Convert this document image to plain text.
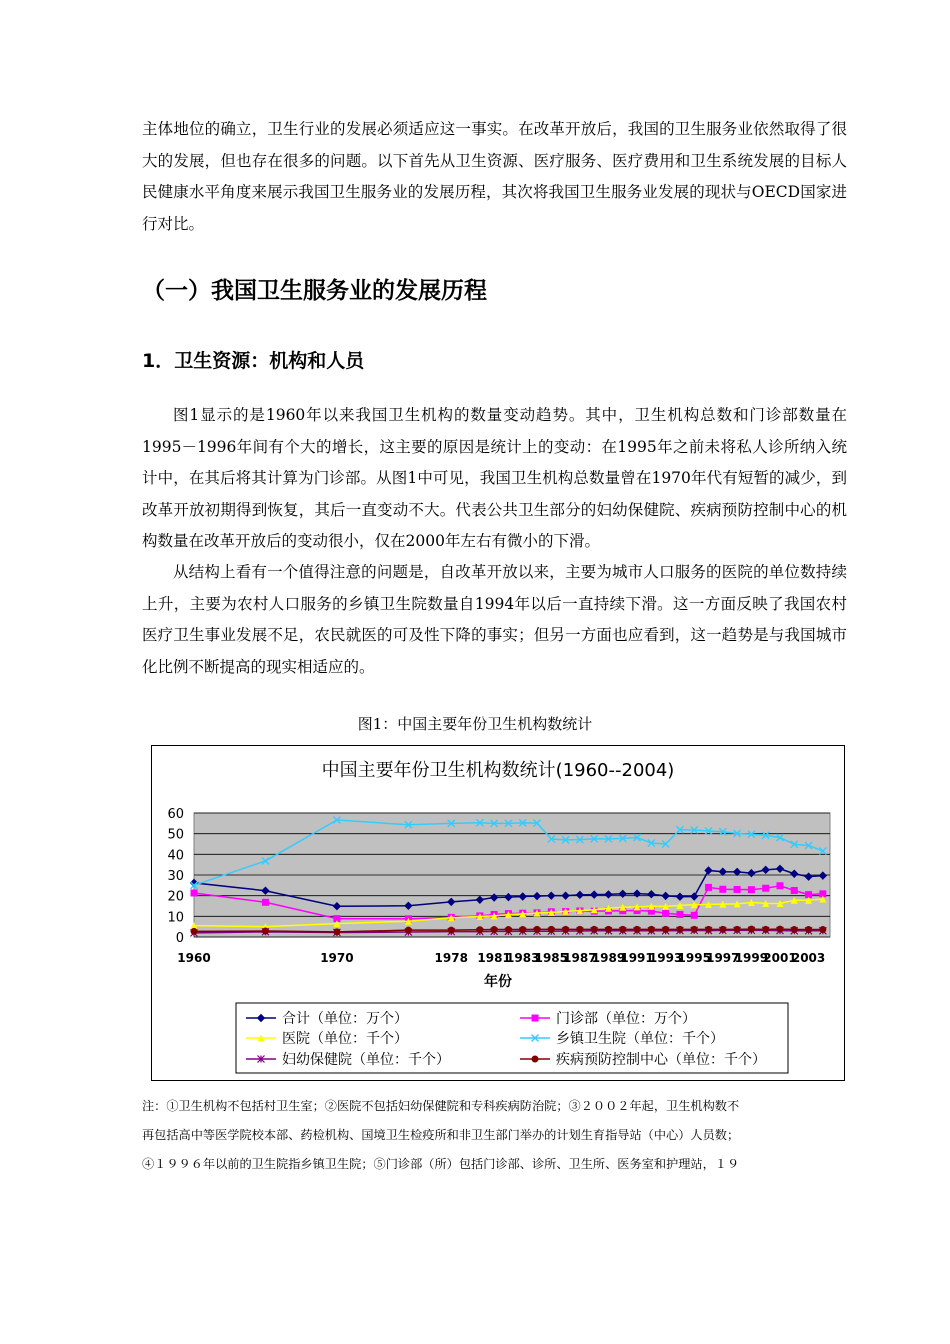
主体地位的确立，卫生行业的发展必须适应这一事实。在改革开放后，我国的卫生服务业依然取得了很大的发展，但也存在很多的问题。以下首先从卫生资源、医疗服务、医疗费用和卫生系统发展的目标人民健康水平角度来展示我国卫生服务业的发展历程，其次将我国卫生服务业发展的现状与OECD国家进行对比。

（一）我国卫生服务业的发展历程
1．卫生资源：机构和人员

图1显示的是1960年以来我国卫生机构的数量变动趋势。其中，卫生机构总数和门诊部数量在1995－1996年间有个大的增长，这主要的原因是统计上的变动：在1995年之前未将私人诊所纳入统计中，在其后将其计算为门诊部。从图1中可见，我国卫生机构总数量曾在1970年代有短暂的减少，到改革开放初期得到恢复，其后一直变动不大。代表公共卫生部分的妇幼保健院、疾病预防控制中心的机构数量在改革开放后的变动很小，仅在2000年左右有微小的下滑。

从结构上看有一个值得注意的问题是，自改革开放以来，主要为城市人口服务的医院的单位数持续上升，主要为农村人口服务的乡镇卫生院数量自1994年以后一直持续下滑。这一方面反映了我国农村医疗卫生事业发展不足，农民就医的可及性下降的事实；但另一方面也应看到，这一趋势是与我国城市化比例不断提高的现实相适应的。

图1：中国主要年份卫生机构数统计
中国主要年份卫生机构数统计(1960--2004)
0
10
20
30
40
50
60
1960	1970	1978 1981
1983
1985
1987
1989
1991
1993
1995
1997
1999
2001
2003
年份
合计（单位：万个）	门诊部（单位：万个）
医院（单位：千个）	乡镇卫生院（单位：千个）
妇幼保健院（单位：千个）	疾病预防控制中心（单位：千个）

注：①卫生机构不包括村卫生室；②医院不包括妇幼保健院和专科疾病防治院；③２００２年起，卫生机构数不

再包括高中等医学院校本部、药检机构、国境卫生检疫所和非卫生部门举办的计划生育指导站（中心）人员数；

④１９９６年以前的卫生院指乡镇卫生院；⑤门诊部（所）包括门诊部、诊所、卫生所、医务室和护理站，１９
